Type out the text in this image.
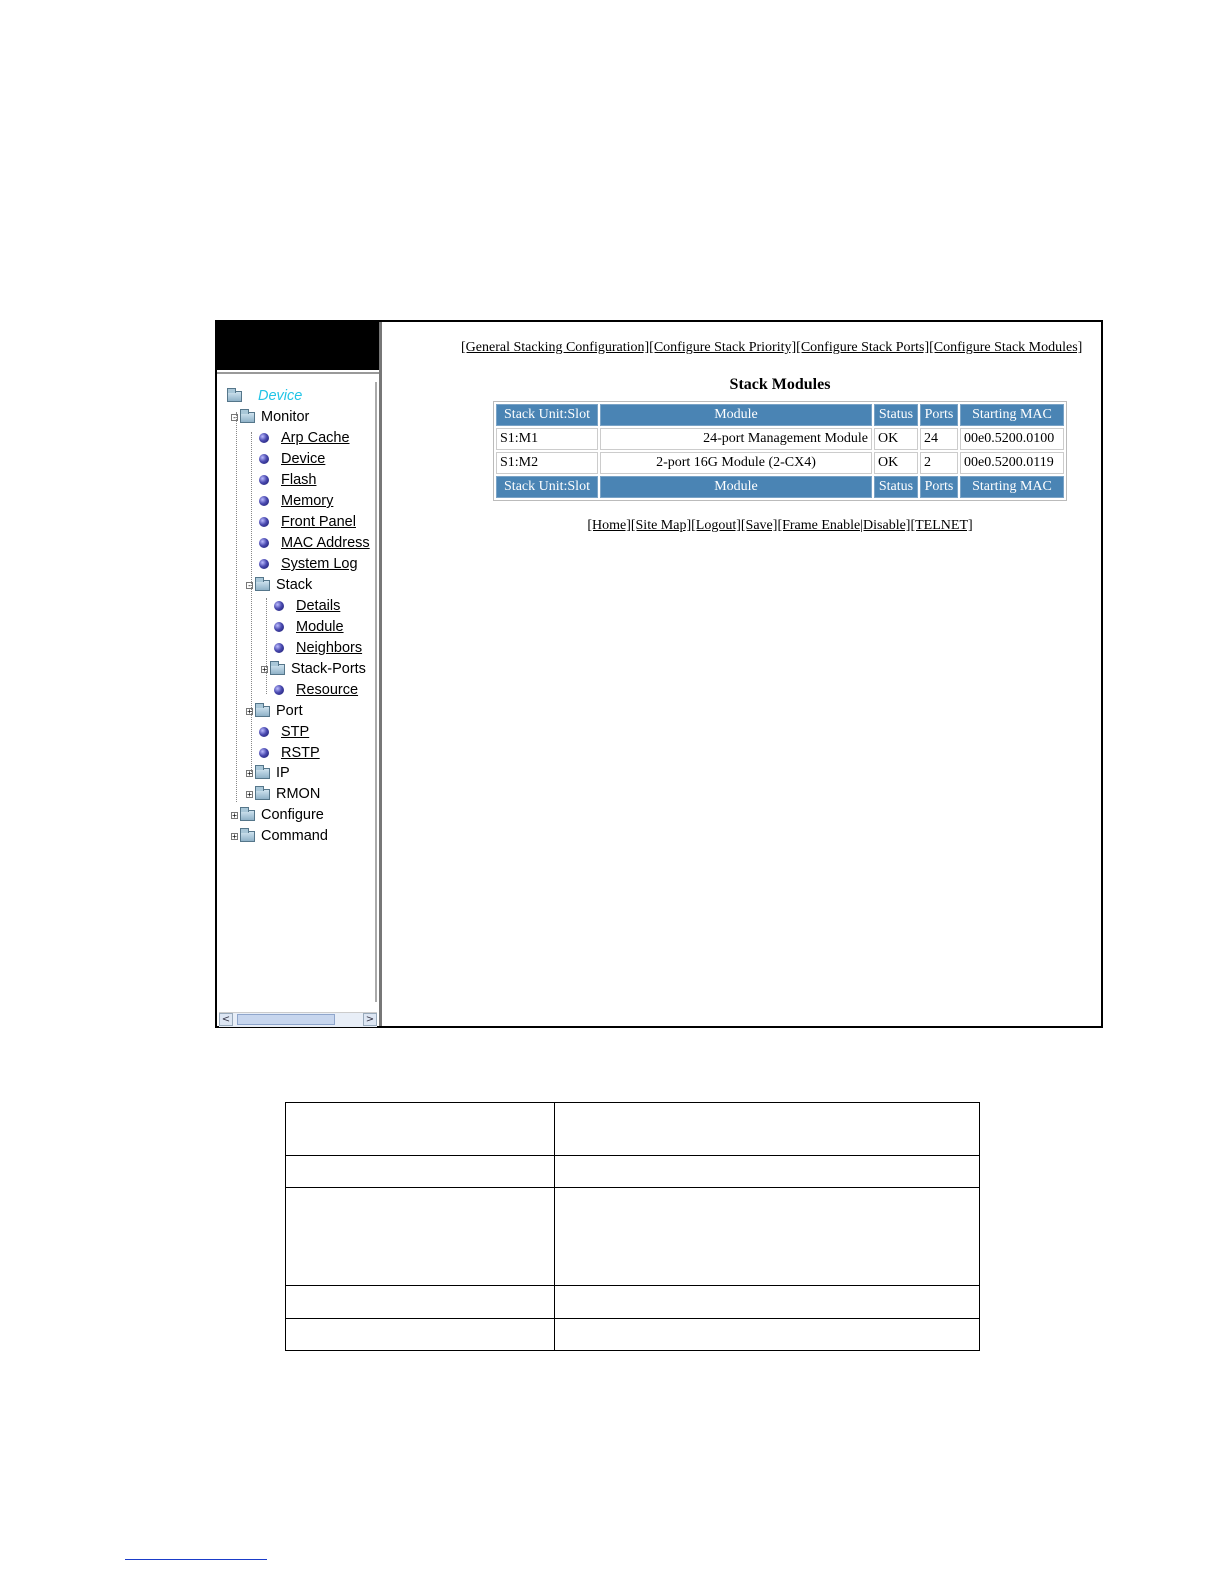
Device
- Monitor
Arp Cache
Device
Flash
Memory
Front Panel
MAC Address
System Log
- Stack
Details
Module
Neighbors
+ Stack-Ports
Resource
+ Port
STP
RSTP
+ IP
+ RMON
+ Configure
+ Command
<	>
[General Stacking Configuration][Configure Stack Priority][Configure Stack Ports][Configure Stack Modules]
Stack Modules
Stack Unit:Slot	Module	Status	Ports	Starting MAC
S1:M1	24-port Management Module	OK	24	00e0.5200.0100
S1:M2	2-port 16G Module (2-CX4)	OK	2	00e0.5200.0119
Stack Unit:Slot	Module	Status	Ports	Starting MAC
[Home][Site Map][Logout][Save][Frame Enable|Disable][TELNET]
